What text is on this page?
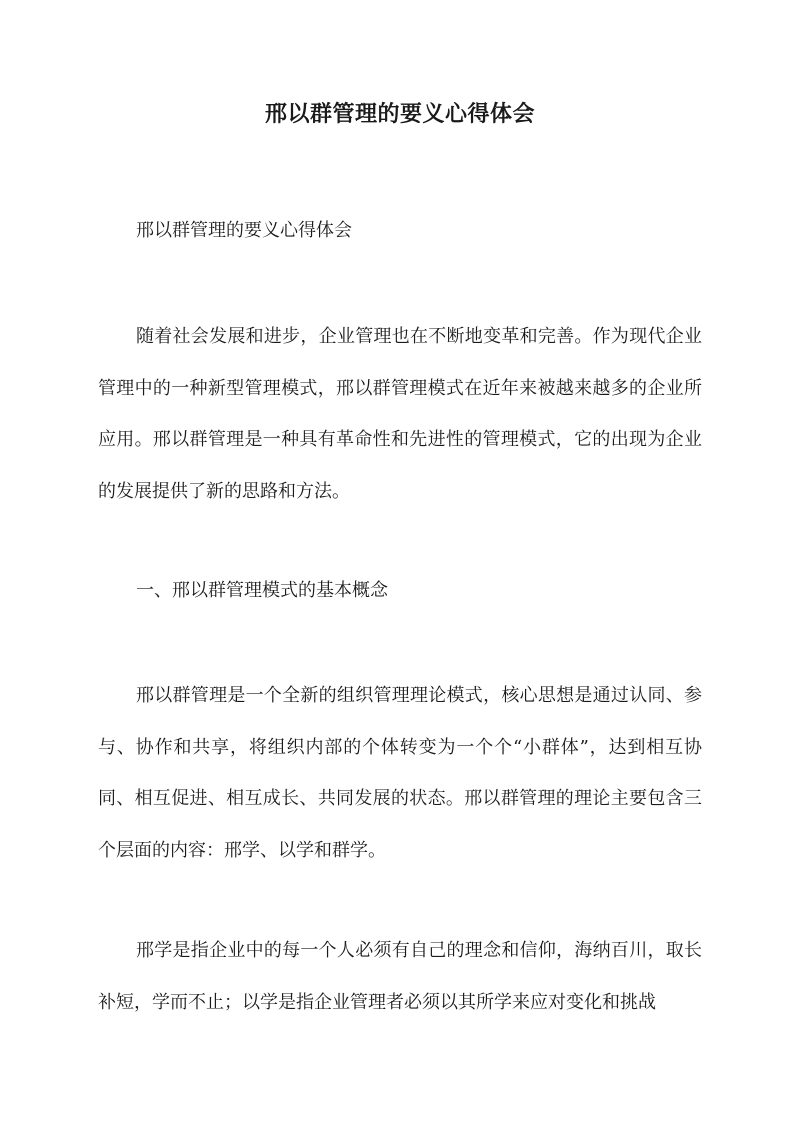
邢以群管理的要义心得体会

邢以群管理的要义心得体会

随着社会发展和进步，企业管理也在不断地变革和完善。作为现代企业管理中的一种新型管理模式，邢以群管理模式在近年来被越来越多的企业所应用。邢以群管理是一种具有革命性和先进性的管理模式，它的出现为企业的发展提供了新的思路和方法。

一、邢以群管理模式的基本概念

邢以群管理是一个全新的组织管理理论模式，核心思想是通过认同、参与、协作和共享，将组织内部的个体转变为一个个“小群体”，达到相互协同、相互促进、相互成长、共同发展的状态。邢以群管理的理论主要包含三个层面的内容：邢学、以学和群学。

邢学是指企业中的每一个人必须有自己的理念和信仰，海纳百川，取长补短，学而不止；以学是指企业管理者必须以其所学来应对变化和挑战
